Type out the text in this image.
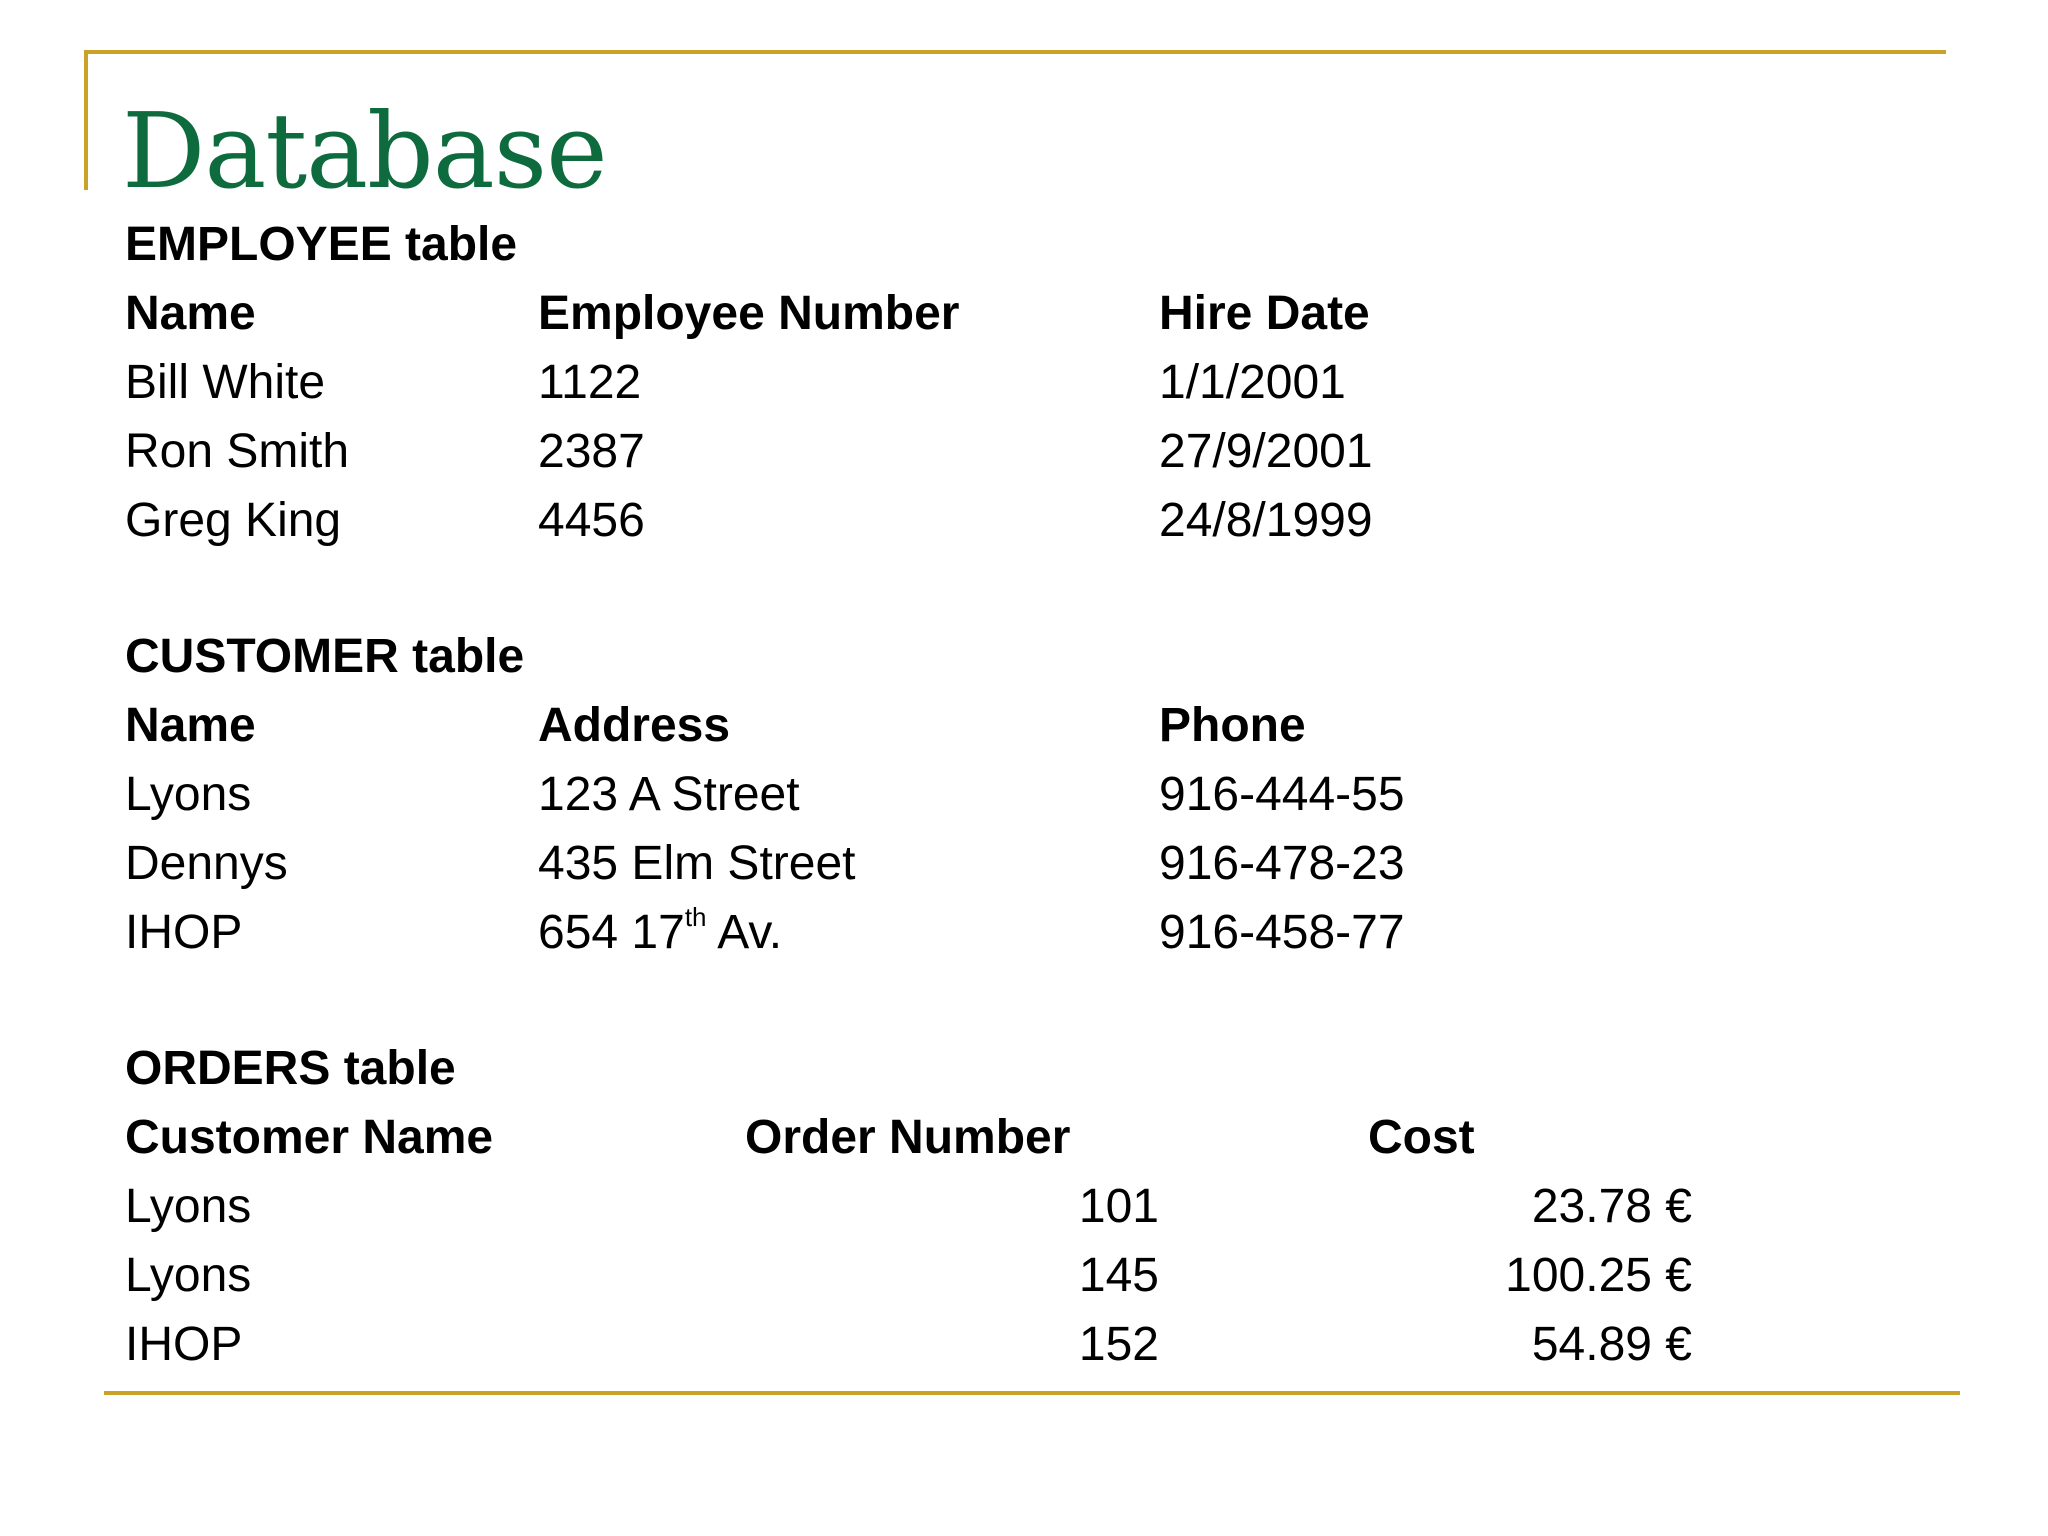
Database
EMPLOYEE table
Name	Employee Number	Hire Date
Bill White	1122	1/1/2001
Ron Smith	2387	27/9/2001
Greg King	4456	24/8/1999
CUSTOMER table
Name	Address	Phone
Lyons	123 A Street	916-444-55
Dennys	435 Elm Street	916-478-23
IHOP	654 17th Av.	916-458-77
ORDERS table
Customer Name	Order Number	Cost
Lyons	101	23.78 €
Lyons	145	100.25 €
IHOP	152	54.89 €
